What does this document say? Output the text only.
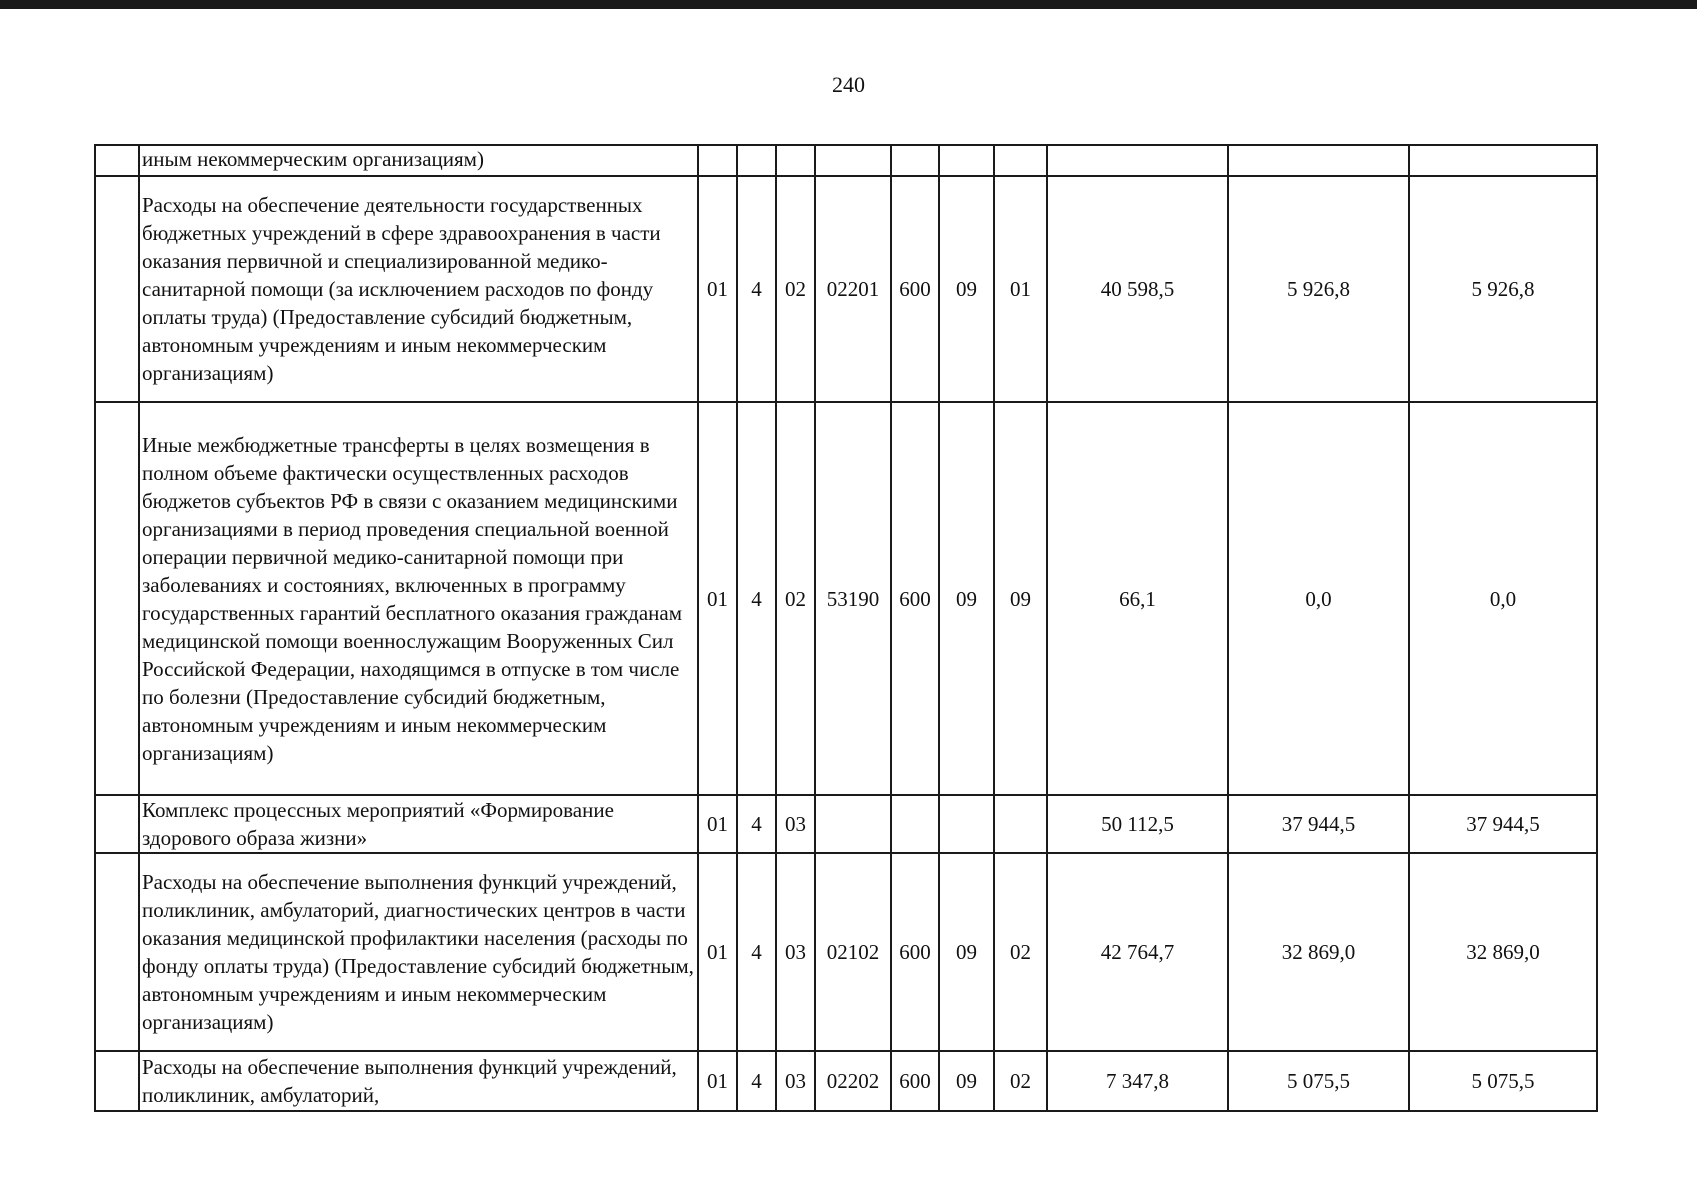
240
	иным некоммерческим организациям)										
	Расходы на обеспечение деятельности государственных бюджетных учреждений в сфере здравоохранения в части оказания первичной и специализированной медико-санитарной помощи (за исключением расходов по фонду оплаты труда) (Предоставление субсидий бюджетным, автономным учреждениям и иным некоммерческим организациям)	01	4	02	02201	600	09	01	40 598,5	5 926,8	5 926,8
	Иные межбюджетные трансферты в целях возмещения в полном объеме фактически осуществленных расходов бюджетов субъектов РФ в связи с оказанием медицинскими организациями в период проведения специальной военной операции первичной медико-санитарной помощи при заболеваниях и состояниях, включенных в программу государственных гарантий бесплатного оказания гражданам медицинской помощи военнослужащим Вооруженных Сил Российской Федерации, находящимся в отпуске в том числе по болезни (Предоставление субсидий бюджетным, автономным учреждениям и иным некоммерческим организациям)	01	4	02	53190	600	09	09	66,1	0,0	0,0
	Комплекс процессных мероприятий «Формирование здорового образа жизни»	01	4	03					50 112,5	37 944,5	37 944,5
	Расходы на обеспечение выполнения функций учреждений, поликлиник, амбулаторий, диагностических центров в части оказания медицинской профилактики населения (расходы по фонду оплаты труда) (Предоставление субсидий бюджетным, автономным учреждениям и иным некоммерческим организациям)	01	4	03	02102	600	09	02	42 764,7	32 869,0	32 869,0
	Расходы на обеспечение выполнения функций учреждений, поликлиник, амбулаторий,	01	4	03	02202	600	09	02	7 347,8	5 075,5	5 075,5
